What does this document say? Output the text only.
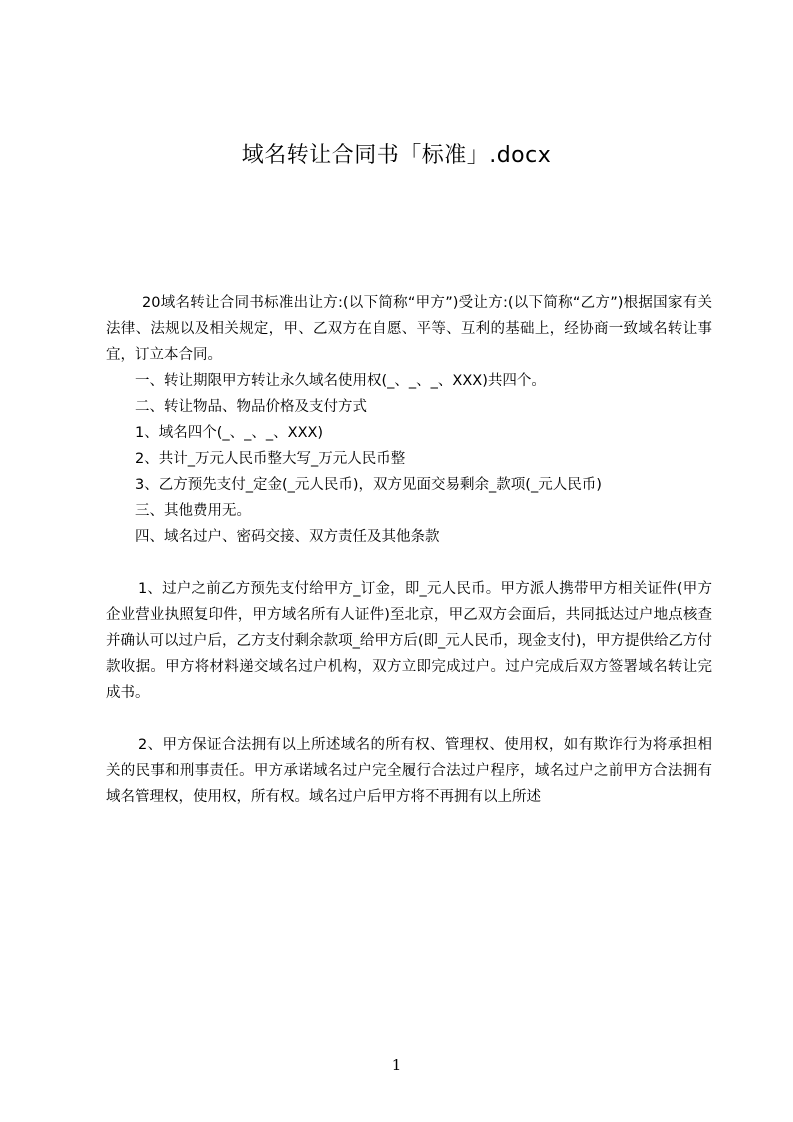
域名转让合同书「标准」.docx

20域名转让合同书标准出让方:(以下简称“甲方”)受让方:(以下简称“乙方”)根据国家有关法律、法规以及相关规定，甲、乙双方在自愿、平等、互利的基础上，经协商一致域名转让事宜，订立本合同。

一、转让期限甲方转让永久域名使用权(_、_、_、XXX)共四个。

二、转让物品、物品价格及支付方式

1、域名四个(_、_、_、XXX)

2、共计_万元人民币整大写_万元人民币整

3、乙方预先支付_定金(_元人民币)，双方见面交易剩余_款项(_元人民币)

三、其他费用无。

四、域名过户、密码交接、双方责任及其他条款

1、过户之前乙方预先支付给甲方_订金，即_元人民币。甲方派人携带甲方相关证件(甲方企业营业执照复印件，甲方域名所有人证件)至北京，甲乙双方会面后，共同抵达过户地点核查并确认可以过户后，乙方支付剩余款项_给甲方后(即_元人民币，现金支付)，甲方提供给乙方付款收据。甲方将材料递交域名过户机构，双方立即完成过户。过户完成后双方签署域名转让完成书。

2、甲方保证合法拥有以上所述域名的所有权、管理权、使用权，如有欺诈行为将承担相关的民事和刑事责任。甲方承诺域名过户完全履行合法过户程序，域名过户之前甲方合法拥有域名管理权，使用权，所有权。域名过户后甲方将不再拥有以上所述

1
